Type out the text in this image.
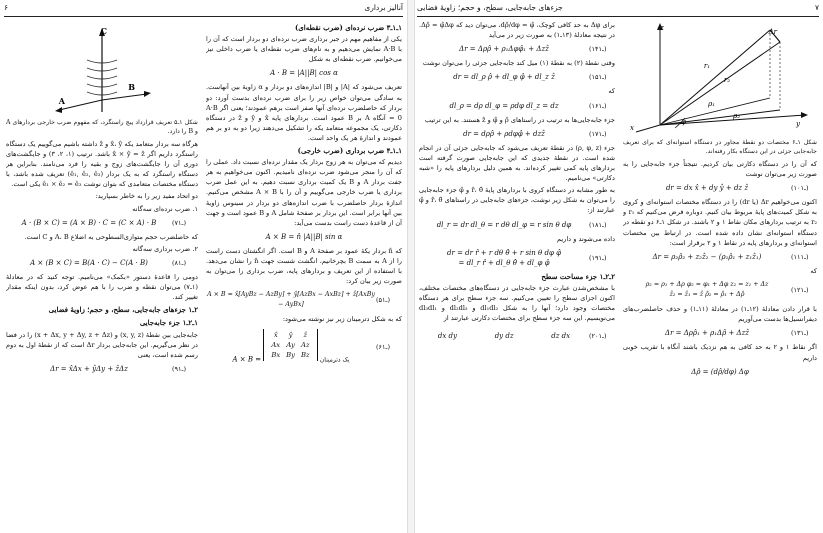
۶	آنالیز برداری
۱ـ۱ـ۳ ضرب نرده‌ای (ضرب نقطه‌ای)

یکی از مفاهیم مهم در جبر برداری ضرب نرده‌ای دو بردار است که آن را با A·B نمایش می‌دهیم و به نام‌های ضرب نقطه‌ای یا ضرب داخلی نیز می‌خوانیم. ضرب نقطه‌ای به شکل

A · B = |A||B| cos α

تعریف می‌شود که |A| و |B| اندازه‌های دو بردار و α زاویهٔ بین آنهاست. به سادگی می‌توان خواص زیر را برای ضرب نرده‌ای بدست آورد: دو بردار که حاصلضرب نرده‌ای آنها صفر است برهم عمودند؛ یعنی اگر A·B = 0 آنگاه A بر B عمود است. بردارهای پایه x̂ و ŷ و ẑ در دستگاه دکارتی، یک مجموعه متعامد یکه را تشکیل می‌دهند زیرا دو به دو بر هم عمودند و اندازهٔ هر یک واحد است.

۱ـ۱ـ۴ ضرب برداری (ضرب خارجی)

دیدیم که می‌توان به هر زوج بردار یک مقدار نرده‌ای نسبت داد. عملی را که آن را منجر می‌شود ضرب نرده‌ای نامیدیم. اکنون می‌خواهیم به هر جفت بردار A و B یک کمیت برداری نسبت دهیم. به این عمل ضرب برداری یا ضرب خارجی می‌گوییم و آن را با A × B مشخص می‌کنیم. اندازهٔ بردار حاصلضرب با ضرب اندازه‌های دو بردار در سینوس زاویهٔ بین آنها برابر است. این بردار بر صفحهٔ شامل A و B عمود است و جهت آن از قاعدهٔ دست راست بدست می‌آید:

A × B = n̂ |A||B| sin α

که n̂ بردار یکهٔ عمود بر صفحهٔ A و B است. اگر انگشتان دست راست را از A به سمت B بچرخانیم، انگشت شست جهت n̂ را نشان می‌دهد. با استفاده از این تعریف و بردارهای پایه، ضرب برداری را می‌توان به صورت زیر بیان کرد:

A × B = x̂[AyBz − AzBy] + ŷ[AzBx − AxBz] + ẑ[AxBy − AyBx]
(۵ـ۱)

که به شکل دترمینان زیر نیز نوشته می‌شود:

A × B =
x̂	ŷ	ẑ
Ax	Ay	Az
Bx	By	Bz
یک دترمینان
(۶ـ۱)
C
A
B
شکل ۱ـ۵ تعریف قرارداد پیچ راستگرد، که مفهوم ضرب خارجی بردارهای A و B را دارد.

هرگاه سه بردار متعامد یکه x̂، ŷ و ẑ داشته باشیم می‌گوییم یک دستگاه راستگرد داریم اگر x̂ × ŷ = ẑ باشد. ترتیب (۱، ۲، ۳) و جایگشت‌های دوری آن را جایگشت‌های زوج و بقیه را فرد می‌نامند. بنابراین هر دستگاه راستگرد که به یک بردار (ê₁, ê₂, ê₃) تعریف شده باشد، با دستگاه مختصات متعامدی که بتوان نوشت ê₁ × ê₂ = ê₃ یکی است.

دو اتحاد مفید زیر را به خاطر بسپارید:

۱. ضرب نرده‌ای سه‌گانه

A · (B × C) = (A × B) · C = (C × A) · B	(۷ـ۱)

که حاصلضرب حجم متوازی‌السطوحی به اضلاع A، B و C است.

۲. ضرب برداری سه‌گانه

A × (B × C) = B(A · C) − C(A · B)	(۸ـ۱)

دومی را قاعدهٔ دستور «بکمک» می‌نامیم. توجه کنید که در معادلهٔ (۱ـ۷) می‌توان نقطه و ضرب را با هم عوض کرد، بدون اینکه مقدار تغییر کند.

۲ـ۱ جزءهای جابه‌جایی، سطح، و حجم؛ زاویهٔ فضایی
۱ـ۲ـ۱ جزء جابه‌جایی

جابه‌جایی بین نقطهٔ (x, y, z) و (x + Δx, y + Δy, z + Δz) را در فضا در نظر می‌گیریم. این جابه‌جایی بردار Δr است که از نقطهٔ اول به دوم رسم شده است، یعنی

Δr = x̂Δx + ŷΔy + ẑΔz	(۹ـ۱)
جزءهای جابه‌جایی، سطح، و حجم؛ زاویهٔ فضایی	۷
z
r₁
r₂
Δr
ρ₁
ρ₂
φ
x	y
شکل ۱ـ۶ مختصات دو نقطهٔ مجاور در دستگاه استوانه‌ای که برای تعریف جابه‌جایی جزئی در این دستگاه بکار رفته‌اند.

که آن را در دستگاه دکارتی بیان کردیم. نتیجتاً جزء جابه‌جایی را به صورت زیر می‌توان نوشت

dr = dx x̂ + dy ŷ + dz ẑ	(۱۰ـ۱)

اکنون می‌خواهیم Δr (یا dr) را در دستگاه مختصات استوانه‌ای و کروی به شکل کمیت‌های پایهٔ مربوط بیان کنیم. دوباره فرض می‌کنیم که r₁ و r₂ به ترتیب بردارهای مکان نقاط ۱ و ۲ باشند. در شکل ۱ـ۶ دو نقطه در دستگاه استوانه‌ای نشان داده شده است. در ارتباط بین مختصات استوانه‌ای و بردارهای پایه در نقاط ۱ و ۲ برقرار است:

Δr = ρ₂ρ̂₂ + z₂ẑ₂ − (ρ₁ρ̂₁ + z₁ẑ₁)	(۱۱ـ۱)

که

ρ₂ = ρ₁ + Δρ φ₂ = φ₁ + Δφ z₂ = z₁ + Δz
ẑ₂ = ẑ₁ = ẑ ρ̂₂ = ρ̂₁ + Δρ̂
(۱۲ـ۱)

با قرار دادن معادلهٔ (۱۲ـ۱) در معادلهٔ (۱۱ـ۱) و حذف حاصلضرب‌های دیفرانسیل‌ها بدست می‌آوریم

Δr = Δρρ̂₁ + ρ₁Δρ̂ + Δzẑ	(۱۳ـ۱)

اگر نقاط ۱ و ۲ به حد کافی به هم نزدیک باشند آنگاه با تقریب خوبی داریم

Δρ̂ = (dρ̂/dφ) Δφ

برای Δφ به حد کافی کوچک، dρ̂/dφ = φ̂، می‌توان دید که Δρ̂ = φ̂Δφ. در نتیجه معادلهٔ (۱۳ـ۱) به صورت زیر در می‌آید

Δr = Δρρ̂ + ρ₁Δφφ̂₁ + Δzẑ	(۱۴ـ۱)

وقتی نقطهٔ (۲) به نقطهٔ (۱) میل کند جابه‌جایی جزئی را می‌توان نوشت

dr = dl_ρ ρ̂ + dl_φ φ̂ + dl_z ẑ	(۱۵ـ۱)

که

dl_ρ = dρ dl_φ = ρdφ dl_z = dz	(۱۶ـ۱)

جزء جابه‌جایی‌ها به ترتیب در راستاهای ρ̂ و φ̂ و ẑ هستند. به این ترتیب

dr = dρρ̂ + ρdφφ̂ + dzẑ	(۱۷ـ۱)

جزء (ρ, φ, z) در نقطهٔ تعریف می‌شود که جابه‌جایی جزئی آن در انجام شده است. در نقطهٔ جدیدی که این جابه‌جایی صورت گرفته است بردارهای پایه کمی تغییر کرده‌اند. به همین دلیل بردارهای پایه را «شبه دکارتی» می‌نامیم.

به طور مشابه در دستگاه کروی با بردارهای پایهٔ r̂، θ̂ و φ̂ جزء جابه‌جایی را می‌توان به شکل زیر نوشت، جزء‌های جابه‌جایی در راستاهای r̂، θ̂ و φ̂ عبارتند از:

dl_r = dr dl_θ = r dθ dl_φ = r sin θ dφ	(۱۸ـ۱)

داده می‌شوند و داریم

dr = dr r̂ + r dθ θ̂ + r sin θ dφ φ̂
= dl_r r̂ + dl_θ θ̂ + dl_φ φ̂
(۱۹ـ۱)
۲ـ۲ـ۱ جزء مساحت سطح

با مشخص‌شدن عبارت جزء جابه‌جایی در دستگاه‌های مختصات مختلف، اکنون اجزای سطح را تعیین می‌کنیم. سه جزء سطح برای هر دستگاه مختصات وجود دارد؛ آنها را به شکل dl₁dl₂ و dl₂dl₃ و dl₃dl₁ می‌نویسیم. این سه جزء سطح برای مختصات دکارتی عبارتند از

dx dy	dy dz	dz dx	(۲۰ـ۱)
